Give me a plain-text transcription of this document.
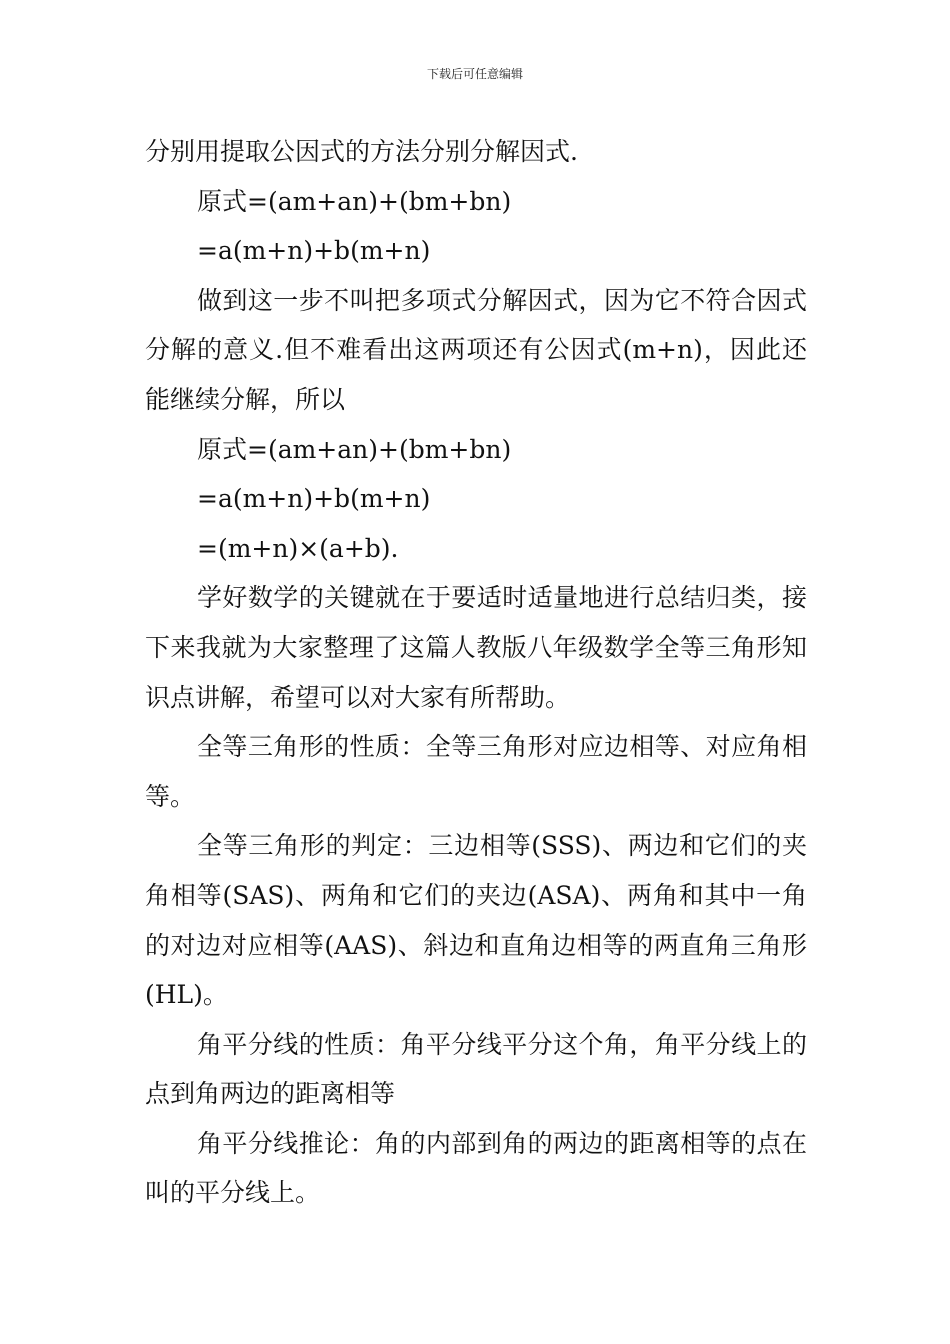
下载后可任意编辑

分别用提取公因式的方法分别分解因式.

原式=(am+an)+(bm+bn)

=a(m+n)+b(m+n)

做到这一步不叫把多项式分解因式，因为它不符合因式分解的意义.但不难看出这两项还有公因式(m+n)，因此还能继续分解，所以

原式=(am+an)+(bm+bn)

=a(m+n)+b(m+n)

=(m+n)×(a+b).

学好数学的关键就在于要适时适量地进行总结归类，接下来我就为大家整理了这篇人教版八年级数学全等三角形知识点讲解，希望可以对大家有所帮助。

全等三角形的性质：全等三角形对应边相等、对应角相等。

全等三角形的判定：三边相等(SSS)、两边和它们的夹角相等(SAS)、两角和它们的夹边(ASA)、两角和其中一角的对边对应相等(AAS)、斜边和直角边相等的两直角三角形(HL)。

角平分线的性质：角平分线平分这个角，角平分线上的点到角两边的距离相等

角平分线推论：角的内部到角的两边的距离相等的点在叫的平分线上。
